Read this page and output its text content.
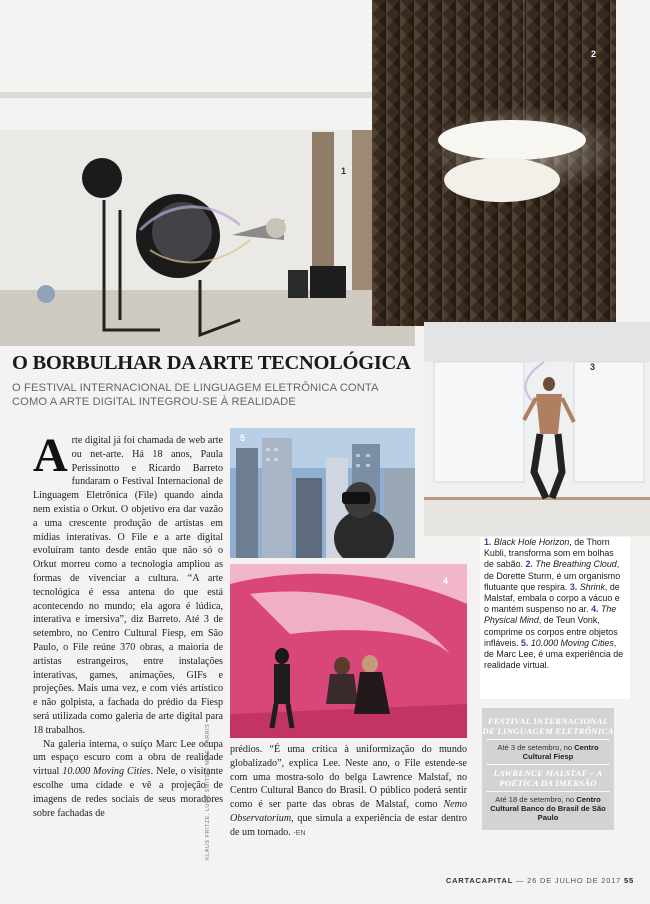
1
2
3
5
4
O BORBULHAR DA ARTE TECNOLÓGICA
O FESTIVAL INTERNACIONAL DE LINGUAGEM ELETRÔNICA CONTA COMO A ARTE DIGITAL INTEGROU-SE À REALIDADE

Arte digital já foi chamada de web arte ou net-arte. Há 18 anos, Paula Perissinotto e Ricardo Barreto fundaram o Festival Internacional de Linguagem Eletrônica (File) quando ainda nem existia o Orkut. O objetivo era dar vazão a uma crescente produção de artistas em mídias interativas. O File e a arte digital evoluíram tanto desde então que não só o Orkut morreu como a tecnologia ampliou as formas de vivenciar a cultura. “A arte tecnológica é essa antena do que está acontecendo no mundo; ela agora é lúdica, interativa e imersiva”, diz Barreto. Até 3 de setembro, no Centro Cultural Fiesp, em São Paulo, o File reúne 370 obras, a maioria de artistas estrangeiros, entre instalações interativas, games, animações, GIFs e projeções. Mais uma vez, e com viés artístico e não golpista, a fachada do prédio da Fiesp será utilizada como galeria de arte digital para 18 trabalhos.

Na galeria interna, o suíço Marc Lee ocupa um espaço escuro com a obra de realidade virtual 10.000 Moving Cities. Nele, o visitante escolhe uma cidade e vê a projeção de imagens de redes sociais de seus moradores sobre fachadas de

prédios. “É uma crítica à uniformização do mundo globalizado”, explica Lee. Neste ano, o File estende-se com uma mostra-solo do belga Lawrence Malstaf, no Centro Cultural Banco do Brasil. O público poderá sentir como é ser parte das obras de Malstaf, como Nemo Observatorium, que simula a experiência de estar dentro de um tornado. -EN

1. Black Hole Horizon, de Thorn Kubli, transforma som em bolhas de sabão. 2. The Breathing Cloud, de Dorette Sturm, é um organismo flutuante que respira. 3. Shrink, de Malstaf, embala o corpo a vácuo e o mantém suspenso no ar. 4. The Physical Mind, de Teun Vonk, comprime os corpos entre objetos infláveis. 5. 10.000 Moving Cities, de Marc Lee, é uma experiência de realidade virtual.
FESTIVAL INTERNACIONAL DE LINGUAGEM ELETRÔNICA
Até 3 de setembro, no Centro Cultural Fiesp
LAWRENCE MALSTAF – A POÉTICA DA IMERSÃO
Até 18 de setembro, no Centro Cultural Banco do Brasil de São Paulo
KLAUS FRITZE, LUUK SMITS E MIKE HARRIS
CARTACAPITAL — 26 DE JULHO DE 2017 55
